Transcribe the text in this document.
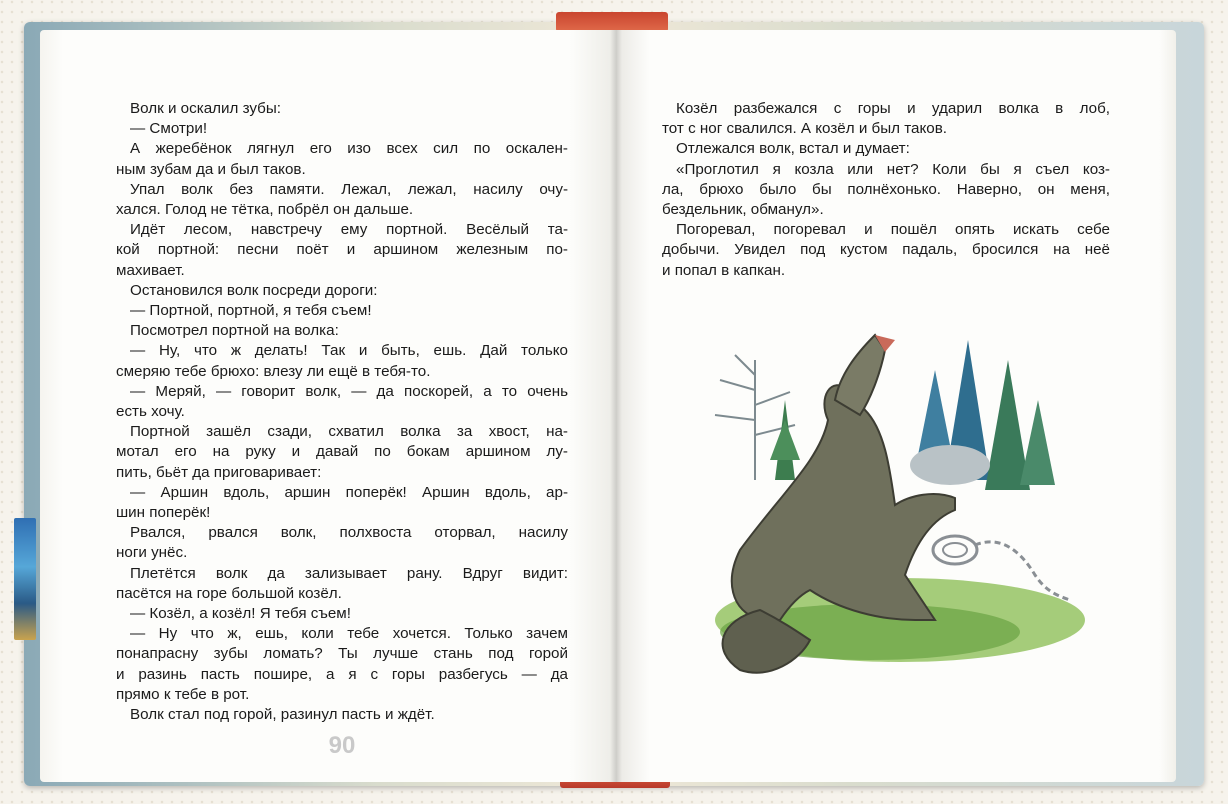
Волк и оскалил зубы:
— Смотри!
А жеребёнок лягнул его изо всех сил по оскален-
ным зубам да и был таков.
Упал волк без памяти. Лежал, лежал, насилу очу-
хался. Голод не тётка, побрёл он дальше.
Идёт лесом, навстречу ему портной. Весёлый та-
кой портной: песни поёт и аршином железным по-
махивает.
Остановился волк посреди дороги:
— Портной, портной, я тебя съем!
Посмотрел портной на волка:
— Ну, что ж делать! Так и быть, ешь. Дай только
смеряю тебе брюхо: влезу ли ещё в тебя-то.
— Меряй, — говорит волк, — да поскорей, а то очень
есть хочу.
Портной зашёл сзади, схватил волка за хвост, на-
мотал его на руку и давай по бокам аршином лу-
пить, бьёт да приговаривает:
— Аршин вдоль, аршин поперёк! Аршин вдоль, ар-
шин поперёк!
Рвался, рвался волк, полхвоста оторвал, насилу
ноги унёс.
Плетётся волк да зализывает рану. Вдруг видит:
пасётся на горе большой козёл.
— Козёл, а козёл! Я тебя съем!
— Ну что ж, ешь, коли тебе хочется. Только зачем
понапрасну зубы ломать? Ты лучше стань под горой
и разинь пасть пошире, а я с горы разбегусь — да
прямо к тебе в рот.
Волк стал под горой, разинул пасть и ждёт.
Козёл разбежался с горы и ударил волка в лоб,
тот с ног свалился. А козёл и был таков.
Отлежался волк, встал и думает:
«Проглотил я козла или нет? Коли бы я съел коз-
ла, брюхо было бы полнёхонько. Наверно, он меня,
бездельник, обманул».
Погоревал, погоревал и пошёл опять искать себе
добычи. Увидел под кустом падаль, бросился на неё
и попал в капкан.
90
